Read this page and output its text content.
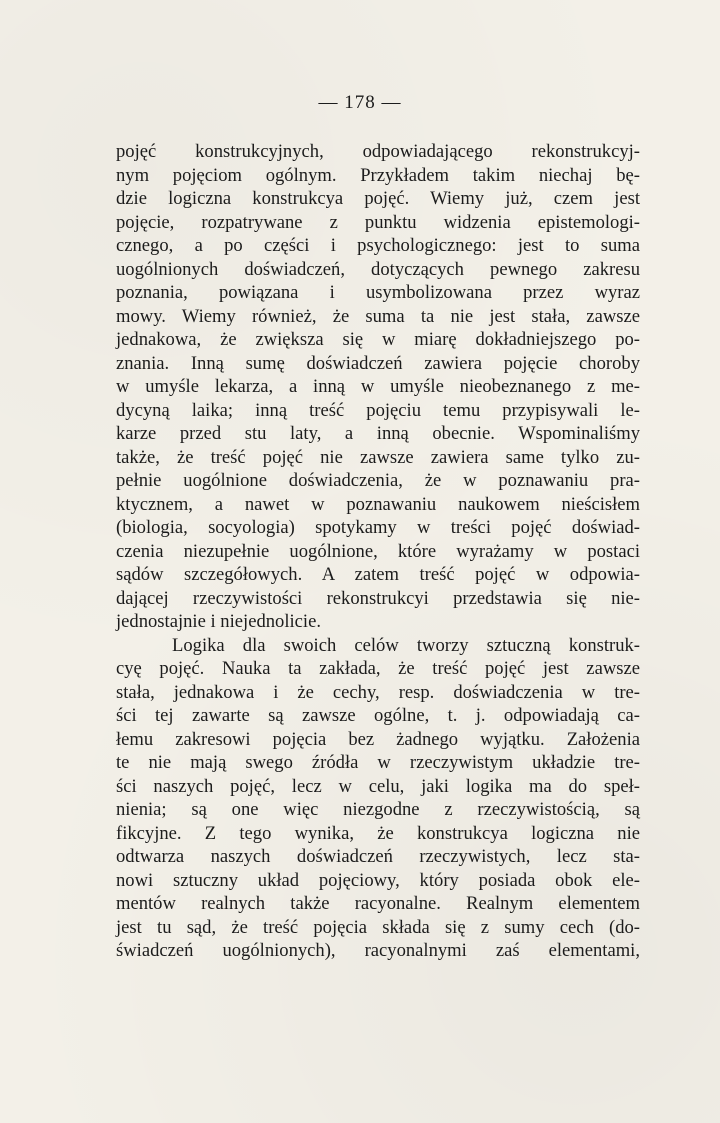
— 178 —

pojęć konstrukcyjnych, odpowiadającego rekonstrukcyj-
nym pojęciom ogólnym. Przykładem takim niechaj bę-
dzie logiczna konstrukcya pojęć. Wiemy już, czem jest
pojęcie, rozpatrywane z punktu widzenia epistemologi-
cznego, a po części i psychologicznego: jest to suma
uogólnionych doświadczeń, dotyczących pewnego zakresu
poznania, powiązana i usymbolizowana przez wyraz
mowy. Wiemy również, że suma ta nie jest stała, zawsze
jednakowa, że zwiększa się w miarę dokładniejszego po-
znania. Inną sumę doświadczeń zawiera pojęcie choroby
w umyśle lekarza, a inną w umyśle nieobeznanego z me-
dycyną laika; inną treść pojęciu temu przypisywali le-
karze przed stu laty, a inną obecnie. Wspominaliśmy
także, że treść pojęć nie zawsze zawiera same tylko zu-
pełnie uogólnione doświadczenia, że w poznawaniu pra-
ktycznem, a nawet w poznawaniu naukowem nieścisłem
(biologia, socyologia) spotykamy w treści pojęć doświad-
czenia niezupełnie uogólnione, które wyrażamy w postaci
sądów szczegółowych. A zatem treść pojęć w odpowia-
dającej rzeczywistości rekonstrukcyi przedstawia się nie-
jednostajnie i niejednolicie.
Logika dla swoich celów tworzy sztuczną konstruk-
cyę pojęć. Nauka ta zakłada, że treść pojęć jest zawsze
stała, jednakowa i że cechy, resp. doświadczenia w tre-
ści tej zawarte są zawsze ogólne, t. j. odpowiadają ca-
łemu zakresowi pojęcia bez żadnego wyjątku. Założenia
te nie mają swego źródła w rzeczywistym układzie tre-
ści naszych pojęć, lecz w celu, jaki logika ma do speł-
nienia; są one więc niezgodne z rzeczywistością, są
fikcyjne. Z tego wynika, że konstrukcya logiczna nie
odtwarza naszych doświadczeń rzeczywistych, lecz sta-
nowi sztuczny układ pojęciowy, który posiada obok ele-
mentów realnych także racyonalne. Realnym elementem
jest tu sąd, że treść pojęcia składa się z sumy cech (do-
świadczeń uogólnionych), racyonalnymi zaś elementami,
